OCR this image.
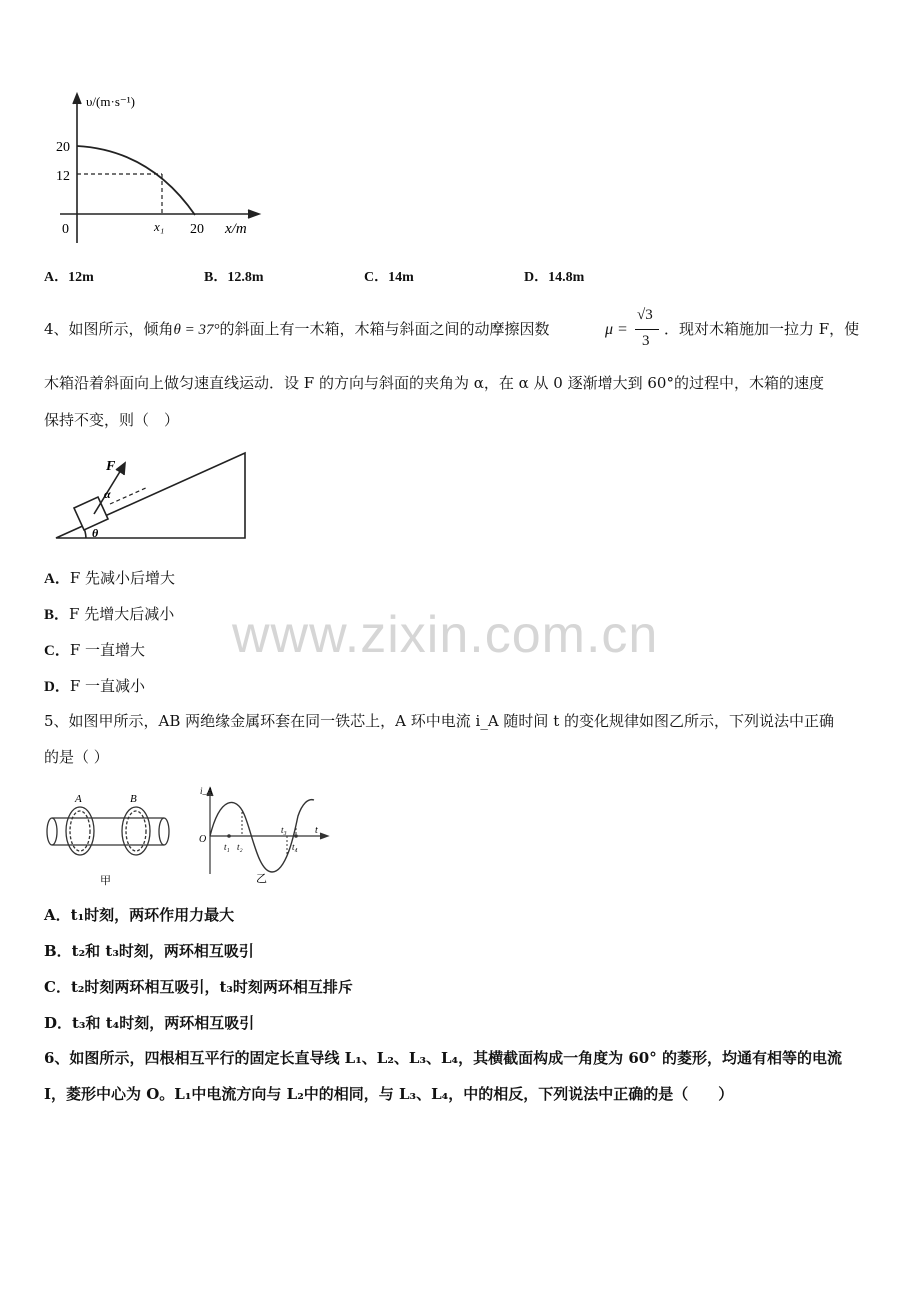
υ/(m·s⁻¹)
20
12
0	x₁ 20 x/m
A．12m	B．12.8m	C．14m	D．14.8m
4、如图所示，倾角θ = 37°的斜面上有一木箱，木箱与斜面之间的动摩擦因数	μ =
√3
3
．现对木箱施加一拉力 F，使
木箱沿着斜面向上做匀速直线运动．设 F 的方向与斜面的夹角为 α，在 α 从 0 逐渐增大到 60°的过程中，木箱的速度
保持不变，则（　）
F
α
θ
A．F 先减小后增大
B．F 先增大后减小
C．F 一直增大
D．F 一直减小
www.zixin.com.cn
5、如图甲所示，AB 两绝缘金属环套在同一铁芯上，A 环中电流 i_A 随时间 t 的变化规律如图乙所示，下列说法中正确
的是（ ）
A	B
甲
i_A
O
t
t₁ t₂
t₃
t₄
乙
A．t₁时刻，两环作用力最大
B．t₂和 t₃时刻，两环相互吸引
C．t₂时刻两环相互吸引，t₃时刻两环相互排斥
D．t₃和 t₄时刻，两环相互吸引
6、如图所示，四根相互平行的固定长直导线 L₁、L₂、L₃、L₄，其横截面构成一角度为 60° 的菱形，均通有相等的电流
I，菱形中心为 O。L₁中电流方向与 L₂中的相同，与 L₃、L₄，中的相反，下列说法中正确的是（　　）
